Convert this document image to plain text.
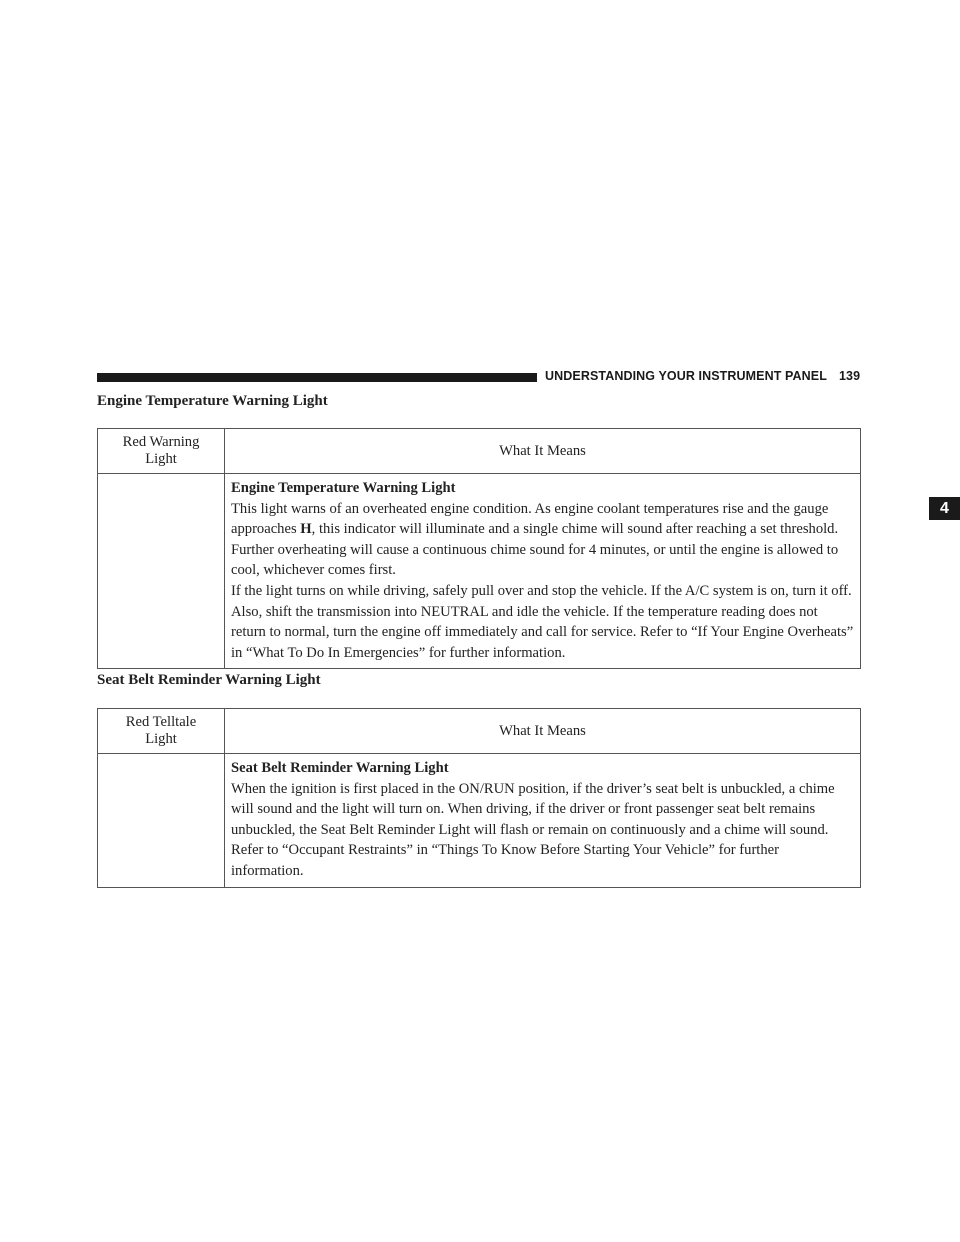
UNDERSTANDING YOUR INSTRUMENT PANEL 139
4
Engine Temperature Warning Light
Red Warning
Light	What It Means

	Engine Temperature Warning Light
This light warns of an overheated engine condition. As engine coolant temperatures rise and the gauge approaches H, this indicator will illuminate and a single chime will sound after reaching a set threshold. Further overheating will cause a continuous chime sound for 4 minutes, or until the engine is allowed to cool, whichever comes first.
If the light turns on while driving, safely pull over and stop the vehicle. If the A/C system is on, turn it off. Also, shift the transmission into NEUTRAL and idle the vehicle. If the temperature reading does not return to normal, turn the engine off immediately and call for service. Refer to “If Your Engine Overheats” in “What To Do In Emergencies” for further information.
Seat Belt Reminder Warning Light
Red Telltale
Light	What It Means

	Seat Belt Reminder Warning Light
When the ignition is first placed in the ON/RUN position, if the driver’s seat belt is unbuckled, a chime will sound and the light will turn on. When driving, if the driver or front passenger seat belt remains unbuckled, the Seat Belt Reminder Light will flash or remain on continuously and a chime will sound. Refer to “Occupant Restraints” in “Things To Know Before Starting Your Vehicle” for further information.
